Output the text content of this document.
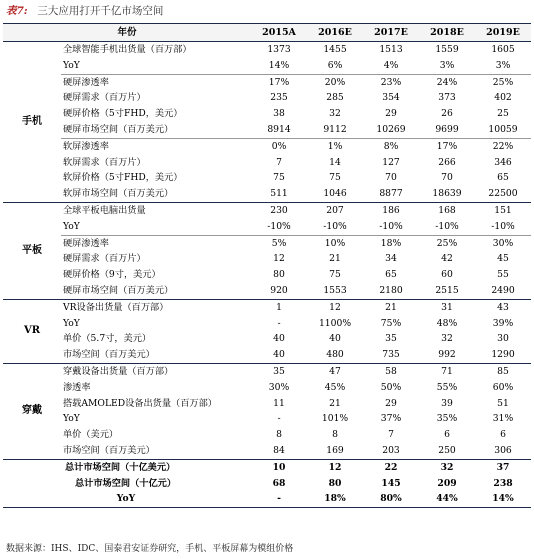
表7: 三大应用打开千亿市场空间
年份		2015A	2016E	2017E	2018E	2019E
手机	全球智能手机出货量（百万部）	1373	1455	1513	1559	1605
	YoY	14%	6%	4%	3%	3%
	硬屏渗透率	17%	20%	23%	24%	25%
	硬屏需求（百万片）	235	285	354	373	402
	硬屏价格（5寸FHD，美元）	38	32	29	26	25
	硬屏市场空间（百万美元）	8914	9112	10269	9699	10059
	软屏渗透率	0%	1%	8%	17%	22%
	软屏需求（百万片）	7	14	127	266	346
	软屏价格（5寸FHD，美元）	75	75	70	70	65
	软屏市场空间（百万美元）	511	1046	8877	18639	22500
平板	全球平板电脑出货量	230	207	186	168	151
	YoY	-10%	-10%	-10%	-10%	-10%
	硬屏渗透率	5%	10%	18%	25%	30%
	硬屏需求（百万片）	12	21	34	42	45
	硬屏价格（9寸，美元）	80	75	65	60	55
	硬屏市场空间（百万美元）	920	1553	2180	2515	2490
VR	VR设备出货量（百万部）	1	12	21	31	43
	YoY	-	1100%	75%	48%	39%
	单价（5.7寸，美元）	40	40	35	32	30
	市场空间（百万美元）	40	480	735	992	1290
穿戴	穿戴设备出货量（百万部）	35	47	58	71	85
	渗透率	30%	45%	50%	55%	60%
	搭载AMOLED设备出货量（百万部）	11	21	29	39	51
	YoY	-	101%	37%	35%	31%
	单价（美元）	8	8	7	6	6
	市场空间（百万美元）	84	169	203	250	306
总计市场空间（十亿美元）		10	12	22	32	37
总计市场空间（十亿元）		68	80	145	209	238
YoY		-	18%	80%	44%	14%
数据来源：IHS、IDC、国泰君安证券研究，手机、平板屏幕为模组价格
